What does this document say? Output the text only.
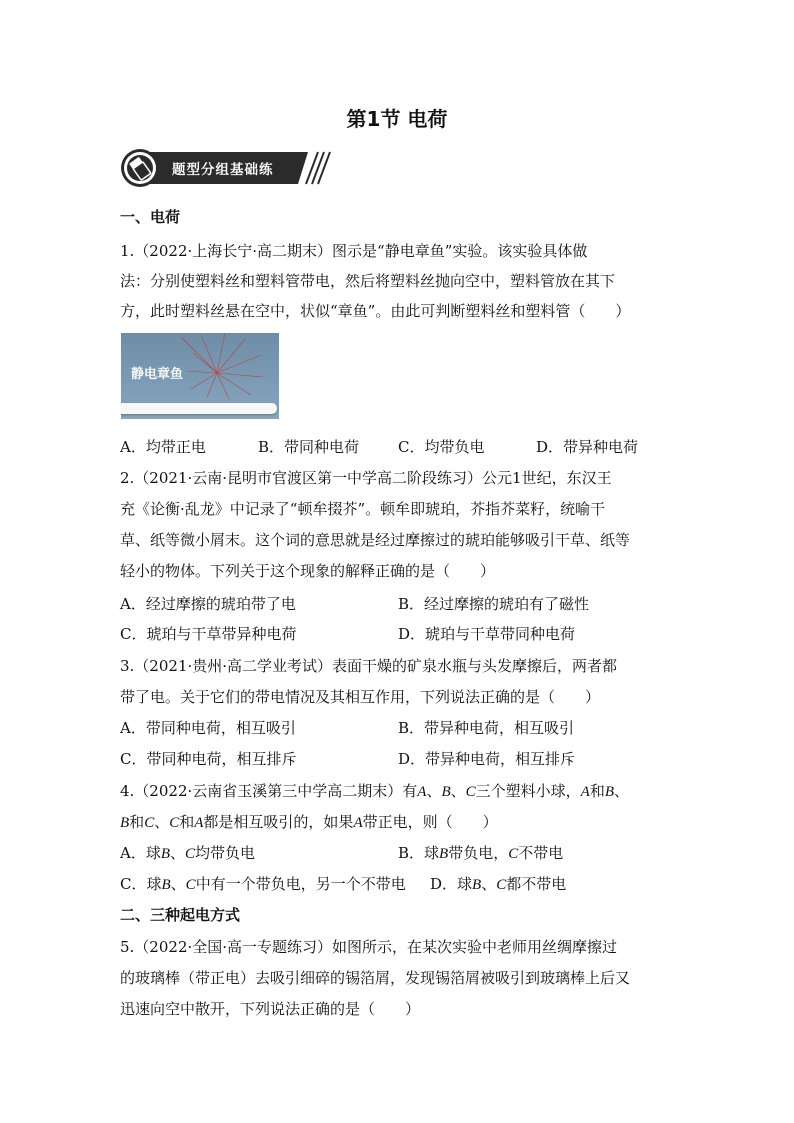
第1节 电荷
题型分组基础练
一、电荷
1.（2022·上海长宁·高二期末）图示是“静电章鱼”实验。该实验具体做
法：分别使塑料丝和塑料管带电，然后将塑料丝抛向空中，塑料管放在其下
方，此时塑料丝悬在空中，状似“章鱼”。由此可判断塑料丝和塑料管（　　）
静电章鱼
A．均带正电	B．带同种电荷	C．均带负电	D．带异种电荷
2.（2021·云南·昆明市官渡区第一中学高二阶段练习）公元1世纪，东汉王
充《论衡·乱龙》中记录了“顿牟掇芥”。顿牟即琥珀，芥指芥菜籽，统喻干
草、纸等微小屑末。这个词的意思就是经过摩擦过的琥珀能够吸引干草、纸等
轻小的物体。下列关于这个现象的解释正确的是（　　）
A．经过摩擦的琥珀带了电	B．经过摩擦的琥珀有了磁性
C．琥珀与干草带异种电荷	D．琥珀与干草带同种电荷
3.（2021·贵州·高二学业考试）表面干燥的矿泉水瓶与头发摩擦后，两者都
带了电。关于它们的带电情况及其相互作用，下列说法正确的是（　　）
A．带同种电荷，相互吸引	B．带异种电荷，相互吸引
C．带同种电荷，相互排斥	D．带异种电荷，相互排斥
4.（2022·云南省玉溪第三中学高二期末）有A、B、C三个塑料小球，A和B、
B和C、C和A都是相互吸引的，如果A带正电，则（　　）
A．球B、C均带负电	B．球B带负电，C不带电
C．球B、C中有一个带负电，另一个不带电 D．球B、C都不带电
二、三种起电方式
5.（2022·全国·高一专题练习）如图所示，在某次实验中老师用丝绸摩擦过
的玻璃棒（带正电）去吸引细碎的锡箔屑，发现锡箔屑被吸引到玻璃棒上后又
迅速向空中散开，下列说法正确的是（　　）
